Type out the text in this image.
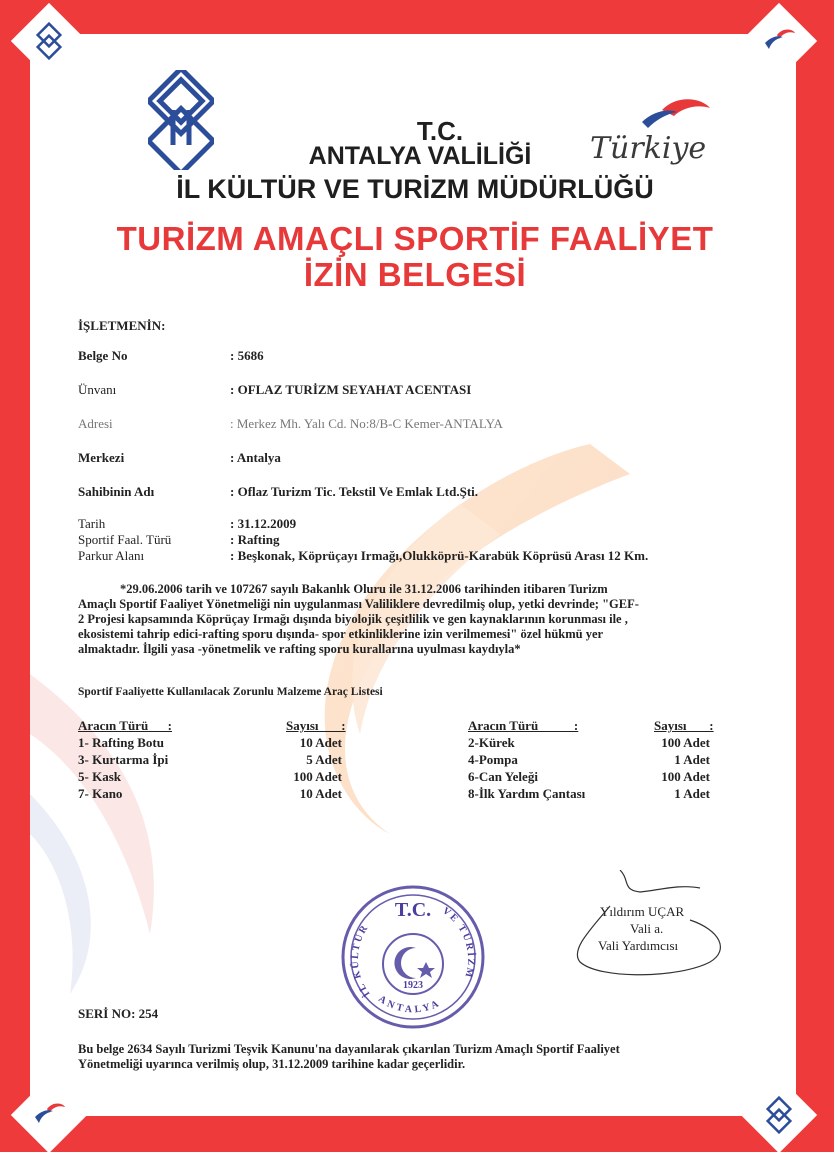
T.C.
ANTALYA VALİLİĞİ
İL KÜLTÜR VE TURİZM MÜDÜRLÜĞÜ
Türkiye
TURİZM AMAÇLI SPORTİF FAALİYET
İZİN BELGESİ
İŞLETMENİN:
Belge No	: 5686
Ünvanı	: OFLAZ TURİZM SEYAHAT ACENTASI
Adresi	: Merkez Mh. Yalı Cd. No:8/B-C Kemer-ANTALYA
Merkezi	: Antalya
Sahibinin Adı	: Oflaz Turizm Tic. Tekstil Ve Emlak Ltd.Şti.
Tarih	: 31.12.2009
Sportif Faal. Türü	: Rafting
Parkur Alanı	: Beşkonak, Köprüçayı Irmağı,Olukköprü-Karabük Köprüsü Arası 12 Km.
*29.06.2006 tarih ve 107267 sayılı Bakanlık Oluru ile 31.12.2006 tarihinden itibaren Turizm
Amaçlı Sportif Faaliyet Yönetmeliği nin uygulanması Valiliklere devredilmiş olup, yetki devrinde; "GEF-
2 Projesi kapsamında Köprüçay Irmağı dışında biyolojik çeşitlilik ve gen kaynaklarının korunması ile ,
ekosistemi tahrip edici-rafting sporu dışında- spor etkinliklerine izin verilmemesi" özel hükmü yer
almaktadır. İlgili yasa -yönetmelik ve rafting sporu kurallarına uyulması kaydıyla*
Sportif Faaliyette Kullanılacak Zorunlu Malzeme Araç Listesi
Aracın Türü      :	Sayısı       :	Aracın Türü           :	Sayısı       :
1- Rafting Botu	10 Adet	2-Kürek	100 Adet
3- Kurtarma İpi	5 Adet	4-Pompa	1 Adet
5- Kask	100 Adet	6-Can Yeleği	100 Adet
7- Kano	10 Adet	8-İlk Yardım Çantası	1 Adet
T.C.
İL KÜLTÜR
VE TURİZM
ANTALYA
1923
Yıldırım UÇAR
Vali a.
Vali Yardımcısı
SERİ NO: 254
Bu belge 2634 Sayılı Turizmi Teşvik Kanunu'na dayanılarak çıkarılan Turizm Amaçlı Sportif Faaliyet
Yönetmeliği uyarınca verilmiş olup, 31.12.2009 tarihine kadar geçerlidir.
